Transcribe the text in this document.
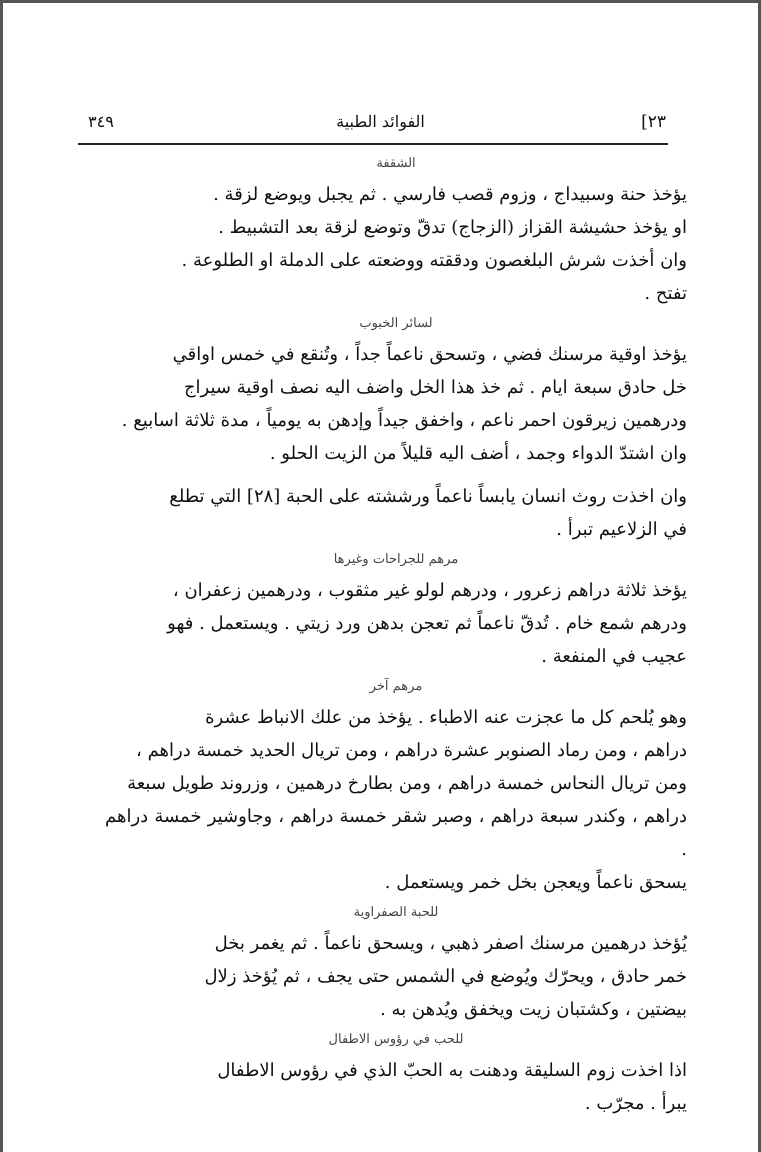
٣٤٩	الفوائد الطبية	[٢٣
الشقفة

يؤخذ حنة وسبيداج ، وزوم قصب فارسي . ثم يجبل ويوضع لزقة .

او يؤخذ حشيشة القزاز (الزجاج) تدقّ وتوضع لزقة بعد التشبيط .

وان أخذت شرش البلغصون ودققته ووضعته على الدملة او الطلوعة .

تفتح .

لسائر الخبوب

يؤخذ اوقية مرسنك فضي ، وتسحق ناعماً جداً ، وتُنقع في خمس اواقي

خل حادق سبعة ايام . ثم خذ هذا الخل واضف اليه نصف اوقية سيراج

ودرهمين زيرقون احمر ناعم ، واخفق جيداً وإدهن به يومياً ، مدة ثلاثة اسابيع .

وان اشتدّ الدواء وجمد ، أضف اليه قليلاً من الزيت الحلو .

وان اخذت روث انسان يابساً ناعماً ورششته على الحبة [٢٨] التي تطلع

في الزلاعيم تبرأ .

مرهم للجراحات وغيرها

يؤخذ ثلاثة دراهم زعرور ، ودرهم لولو غير مثقوب ، ودرهمين زعفران ،

ودرهم شمع خام . تُدقّ ناعماً ثم تعجن بدهن ورد زيتي . ويستعمل . فهو

عجيب في المنفعة .

مرهم آخر

وهو يُلحم كل ما عجزت عنه الاطباء . يؤخذ من علك الانباط عشرة

دراهم ، ومن رماد الصنوبر عشرة دراهم ، ومن تريال الحديد خمسة دراهم ،

ومن تريال النحاس خمسة دراهم ، ومن بطارخ درهمين ، وزروند طويل سبعة

دراهم ، وكندر سبعة دراهم ، وصبر شقر خمسة دراهم ، وجاوشير خمسة دراهم .

يسحق ناعماً ويعجن بخل خمر ويستعمل .

للحبة الصفراوية

يُؤخذ درهمين مرسنك اصفر ذهبي ، ويسحق ناعماً . ثم يغمر بخل

خمر حادق ، ويحرّك ويُوضع في الشمس حتى يجف ، ثم يُؤخذ زلال

بيضتين ، وكشتبان زيت ويخفق ويُدهن به .

للحب في رؤوس الاطفال

اذا اخذت زوم السليقة ودهنت به الحبّ الذي في رؤوس الاطفال

يبرأ . مجرّب .
